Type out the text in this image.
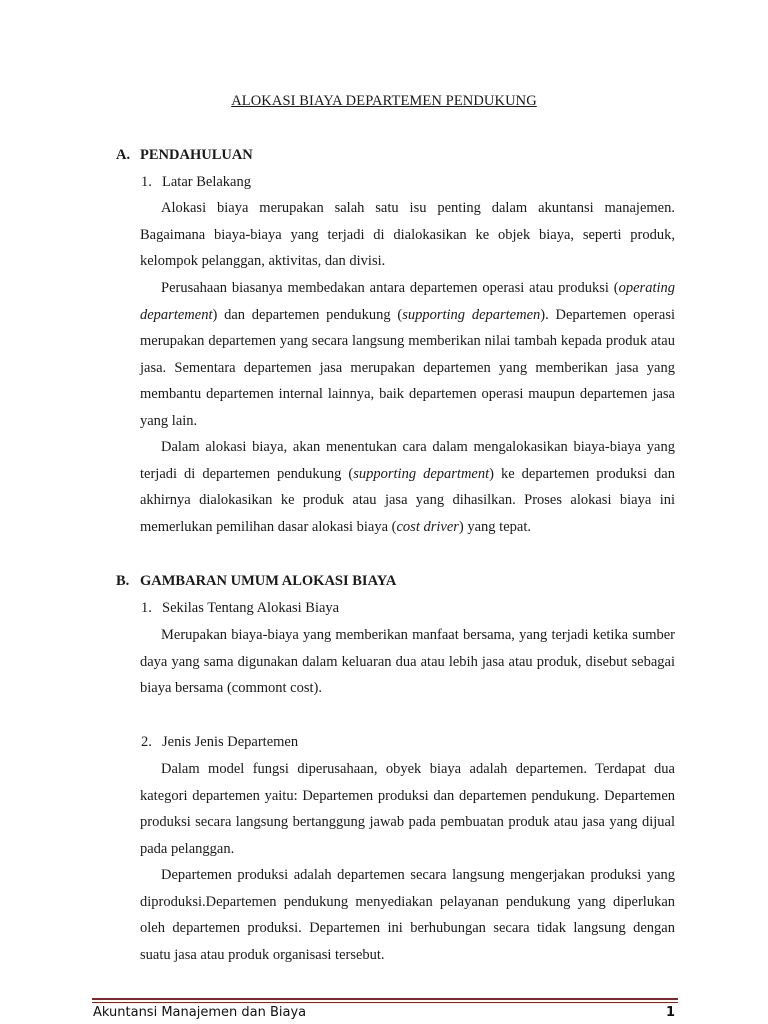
ALOKASI BIAYA DEPARTEMEN PENDUKUNG
A. PENDAHULUAN
1. Latar Belakang

Alokasi biaya merupakan salah satu isu penting dalam akuntansi manajemen. Bagaimana biaya-biaya yang terjadi di dialokasikan ke objek biaya, seperti produk, kelompok pelanggan, aktivitas, dan divisi.

Perusahaan biasanya membedakan antara departemen operasi atau produksi (operating departement) dan departemen pendukung (supporting departemen). Departemen operasi merupakan departemen yang secara langsung memberikan nilai tambah kepada produk atau jasa. Sementara departemen jasa merupakan departemen yang memberikan jasa yang membantu departemen internal lainnya, baik departemen operasi maupun departemen jasa yang lain.

Dalam alokasi biaya, akan menentukan cara dalam mengalokasikan biaya-biaya yang terjadi di departemen pendukung (supporting department) ke departemen produksi dan akhirnya dialokasikan ke produk atau jasa yang dihasilkan. Proses alokasi biaya ini memerlukan pemilihan dasar alokasi biaya (cost driver) yang tepat.

B. GAMBARAN UMUM ALOKASI BIAYA
1. Sekilas Tentang Alokasi Biaya

Merupakan biaya-biaya yang memberikan manfaat bersama, yang terjadi ketika sumber daya yang sama digunakan dalam keluaran dua atau lebih jasa atau produk, disebut sebagai biaya bersama (commont cost).

2. Jenis Jenis Departemen

Dalam model fungsi diperusahaan, obyek biaya adalah departemen. Terdapat dua kategori departemen yaitu: Departemen produksi dan departemen pendukung. Departemen produksi secara langsung bertanggung jawab pada pembuatan produk atau jasa yang dijual pada pelanggan.

Departemen produksi adalah departemen secara langsung mengerjakan produksi yang diproduksi.Departemen pendukung menyediakan pelayanan pendukung yang diperlukan oleh departemen produksi. Departemen ini berhubungan secara tidak langsung dengan suatu jasa atau produk organisasi tersebut.

Akuntansi Manajemen dan Biaya	1
